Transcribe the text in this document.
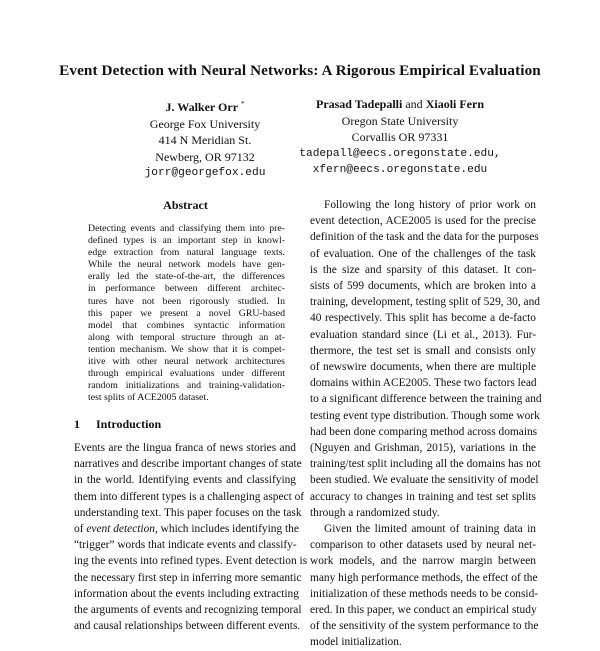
Event Detection with Neural Networks: A Rigorous Empirical Evaluation
J. Walker Orr *
George Fox University
414 N Meridian St.
Newberg, OR 97132
jorr@georgefox.edu
Prasad Tadepalli and Xiaoli Fern
Oregon State University
Corvallis OR 97331
tadepall@eecs.oregonstate.edu,
xfern@eecs.oregonstate.edu
Abstract
Detecting events and classifying them into pre-
defined types is an important step in knowl-
edge extraction from natural language texts.
While the neural network models have gen-
erally led the state-of-the-art, the differences
in performance between different architec-
tures have not been rigorously studied. In
this paper we present a novel GRU-based
model that combines syntactic information
along with temporal structure through an at-
tention mechanism. We show that it is compet-
itive with other neural network architectures
through empirical evaluations under different
random initializations and training-validation-
test splits of ACE2005 dataset.
1 Introduction
Events are the lingua franca of news stories and
narratives and describe important changes of state
in the world. Identifying events and classifying
them into different types is a challenging aspect of
understanding text. This paper focuses on the task
of event detection, which includes identifying the
“trigger” words that indicate events and classify-
ing the events into refined types. Event detection is
the necessary first step in inferring more semantic
information about the events including extracting
the arguments of events and recognizing temporal
and causal relationships between different events.
Following the long history of prior work on
event detection, ACE2005 is used for the precise
definition of the task and the data for the purposes
of evaluation. One of the challenges of the task
is the size and sparsity of this dataset. It con-
sists of 599 documents, which are broken into a
training, development, testing split of 529, 30, and
40 respectively. This split has become a de-facto
evaluation standard since (Li et al., 2013). Fur-
thermore, the test set is small and consists only
of newswire documents, when there are multiple
domains within ACE2005. These two factors lead
to a significant difference between the training and
testing event type distribution. Though some work
had been done comparing method across domains
(Nguyen and Grishman, 2015), variations in the
training/test split including all the domains has not
been studied. We evaluate the sensitivity of model
accuracy to changes in training and test set splits
through a randomized study.
Given the limited amount of training data in
comparison to other datasets used by neural net-
work models, and the narrow margin between
many high performance methods, the effect of the
initialization of these methods needs to be consid-
ered. In this paper, we conduct an empirical study
of the sensitivity of the system performance to the
model initialization.
